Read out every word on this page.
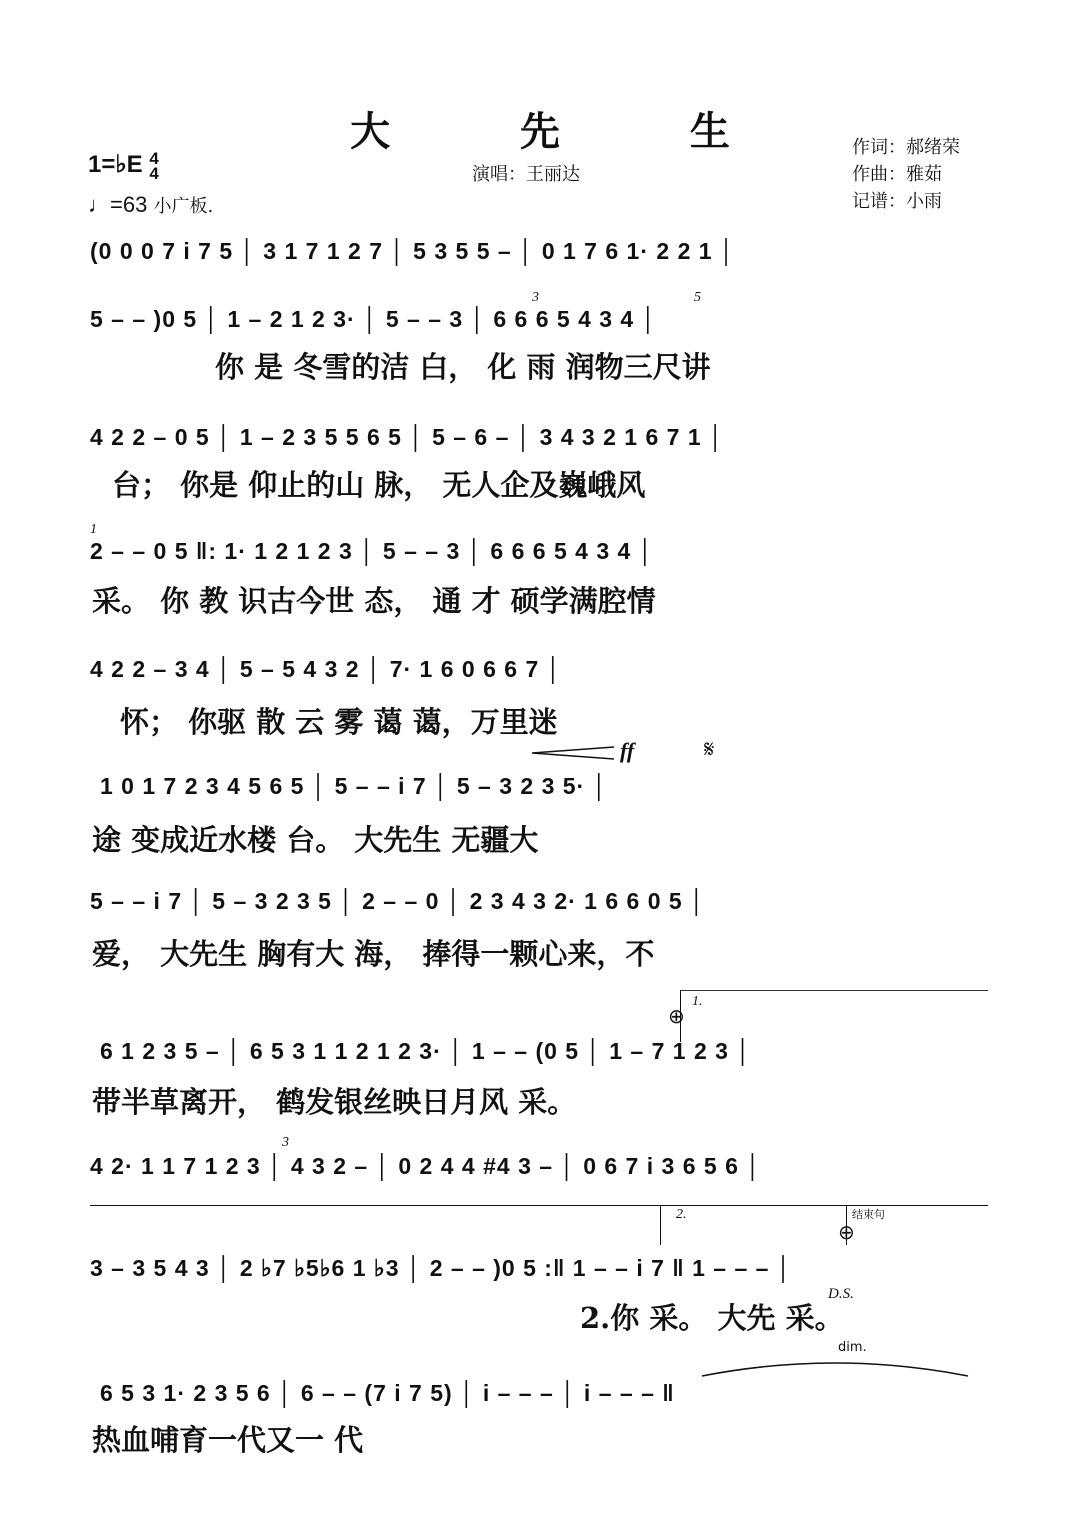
大 先 生
演唱：王丽达
作词：郝绪荣
作曲：雅茹
记谱：小雨
1=♭E 4
4
♩=63 小广板.
(0 0 0 7 i 7 5 │ 3 1 7 1 2 7 │ 5 3 5 5 – │ 0 1 7 6 1· 2 2 1 │
5 – – )0 5 │ 1 – 2 1 2 3· │ 5 – – 3 │ 6 6 6 5 4 3 4 │
你 是 冬雪的洁 白， 化 雨 润物三尺讲
3	5
4 2 2 – 0 5 │ 1 – 2 3 5 5 6 5 │ 5 – 6 – │ 3 4 3 2 1 6 7 1 │
台； 你是 仰止的山 脉， 无人企及巍峨风
2 – – 0 5 ‖: 1· 1 2 1 2 3 │ 5 – – 3 │ 6 6 6 5 4 3 4 │
采。 你 教 识古今世 态， 通 才 硕学满腔情
1
4 2 2 – 3 4 │ 5 – 5 4 3 2 │ 7· 1 6 0 6 6 7 │
怀； 你驱 散 云 雾 蔼 蔼，万里迷
ff	𝄋
1 0 1 7 2 3 4 5 6 5 │ 5 – – i 7 │ 5 – 3 2 3 5· │
途 变成近水楼 台。 大先生 无疆大
5 – – i 7 │ 5 – 3 2 3 5 │ 2 – – 0 │ 2 3 4 3 2· 1 6 6 0 5 │
爱， 大先生 胸有大 海， 捧得一颗心来，不
1.
⊕
6 1 2 3 5 – │ 6 5 3 1 1 2 1 2 3· │ 1 – – (0 5 │ 1 – 7 1 2 3 │
带半草离开， 鹤发银丝映日月风 采。
4 2· 1 1 7 1 2 3 │ 4 3 2 – │ 0 2 4 4 #4 3 – │ 0 6 7 i 3 6 5 6 │
3
2.	结束句
⊕
3 – 3 5 4 3 │ 2 ♭7 ♭5♭6 1 ♭3 │ 2 – – )0 5 :‖ 1 – – i 7 ‖ 1 – – – │
2.你 采。 大先 采。
D.S.
dim.
6 5 3 1· 2 3 5 6 │ 6 – – (7 i 7 5) │ i – – – │ i – – – ‖
热血哺育一代又一 代
